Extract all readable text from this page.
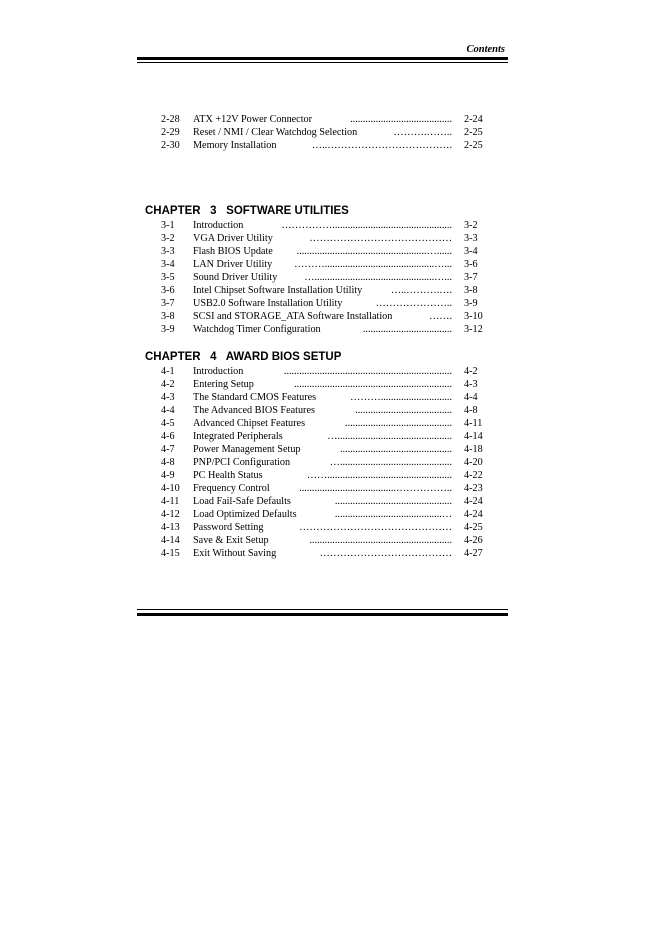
Contents
2-28 ATX +12V Power Connector	........................................ 2-24
2-29 Reset / NMI / Clear Watchdog Selection	……….…….. 2-25
2-30 Memory Installation	…..………………………………. 2-25
CHAPTER   3   SOFTWARE UTILITIES
3-1 Introduction	……………............................................... 3-2
3-2 VGA Driver Utility	…………………………………… 3-3
3-3 Flash BIOS Update	...................................................…...... 3-4
3-4 LAN Driver Utility	………...........................................…... 3-6
3-5 Sound Driver Utility	…...............................................…... 3-7
3-6 Intel Chipset Software Installation Utility	…..……….…. 3-8
3-7 USB2.0 Software Installation Utility	………………….. 3-9
3-8 SCSI and STORAGE_ATA Software Installation	……. 3-10
3-9 Watchdog Timer Configuration	................................... 3-12
CHAPTER   4   AWARD BIOS SETUP
4-1 Introduction	.................................................................. 4-2
4-2 Entering Setup	.............................................................. 4-3
4-3 The Standard CMOS Features	………............................ 4-4
4-4 The Advanced BIOS Features	...................................... 4-8
4-5 Advanced Chipset Features	.......................................... 4-11
4-6 Integrated Peripherals	…............................................. 4-14
4-7 Power Management Setup	............................................ 4-18
4-8 PNP/PCI Configuration	…............................................ 4-20
4-9 PC Health Status	……................................................. 4-22
4-10 Frequency Control	......................................…………….. 4-23
4-11 Load Fail-Safe Defaults	.............................................. 4-24
4-12 Load Optimized Defaults	..........................................… 4-24
4-13 Password Setting	……………………………………… 4-25
4-14 Save & Exit Setup	........................................................ 4-26
4-15 Exit Without Saving	………………………………… 4-27
